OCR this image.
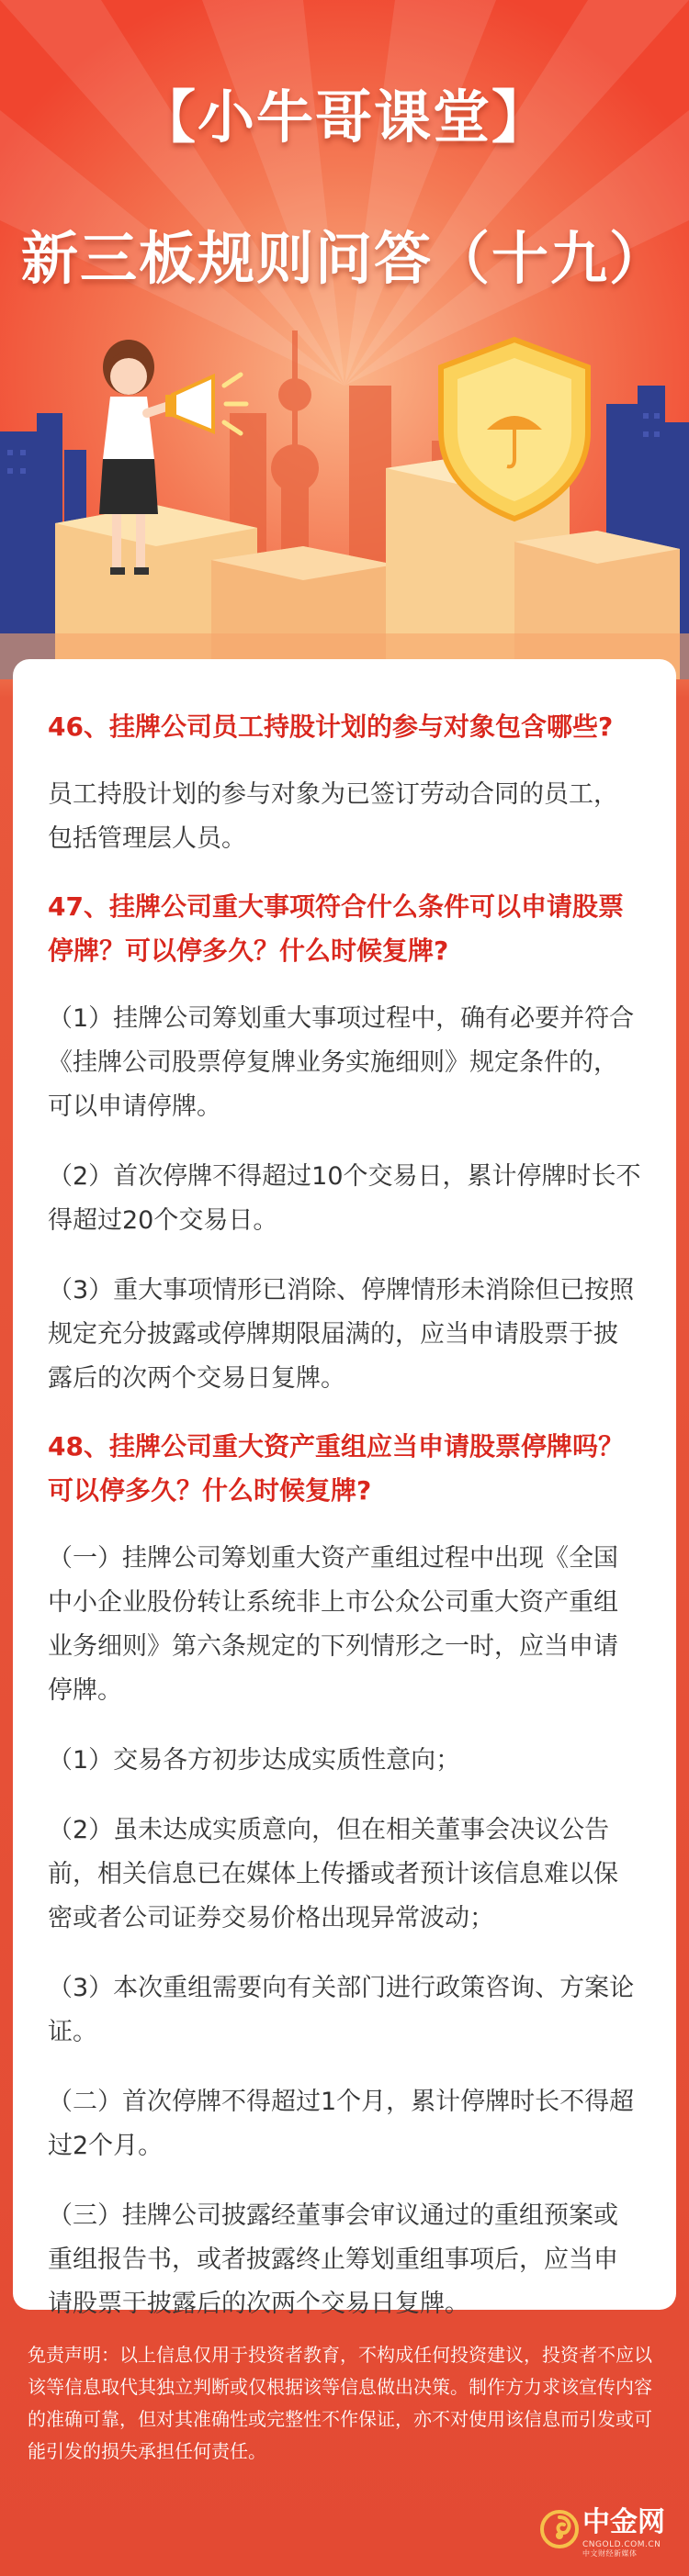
【小牛哥课堂】
新三板规则问答（十九）

46、挂牌公司员工持股计划的参与对象包含哪些?

员工持股计划的参与对象为已签订劳动合同的员工，包括管理层人员。

47、挂牌公司重大事项符合什么条件可以申请股票停牌？可以停多久？什么时候复牌?

（1）挂牌公司筹划重大事项过程中，确有必要并符合《挂牌公司股票停复牌业务实施细则》规定条件的，可以申请停牌。

（2）首次停牌不得超过10个交易日，累计停牌时长不得超过20个交易日。

（3）重大事项情形已消除、停牌情形未消除但已按照规定充分披露或停牌期限届满的，应当申请股票于披露后的次两个交易日复牌。

48、挂牌公司重大资产重组应当申请股票停牌吗？可以停多久？什么时候复牌?

（一）挂牌公司筹划重大资产重组过程中出现《全国中小企业股份转让系统非上市公众公司重大资产重组业务细则》第六条规定的下列情形之一时，应当申请停牌。

（1）交易各方初步达成实质性意向；

（2）虽未达成实质意向，但在相关董事会决议公告前，相关信息已在媒体上传播或者预计该信息难以保密或者公司证券交易价格出现异常波动；

（3）本次重组需要向有关部门进行政策咨询、方案论证。

（二）首次停牌不得超过1个月，累计停牌时长不得超过2个月。

（三）挂牌公司披露经董事会审议通过的重组预案或重组报告书，或者披露终止筹划重组事项后，应当申请股票于披露后的次两个交易日复牌。

免责声明：以上信息仅用于投资者教育，不构成任何投资建议，投资者不应以该等信息取代其独立判断或仅根据该等信息做出决策。制作方力求该宣传内容的准确可靠，但对其准确性或完整性不作保证，亦不对使用该信息而引发或可能引发的损失承担任何责任。

中金网
CNGOLD.COM.CN
中文财经新媒体
